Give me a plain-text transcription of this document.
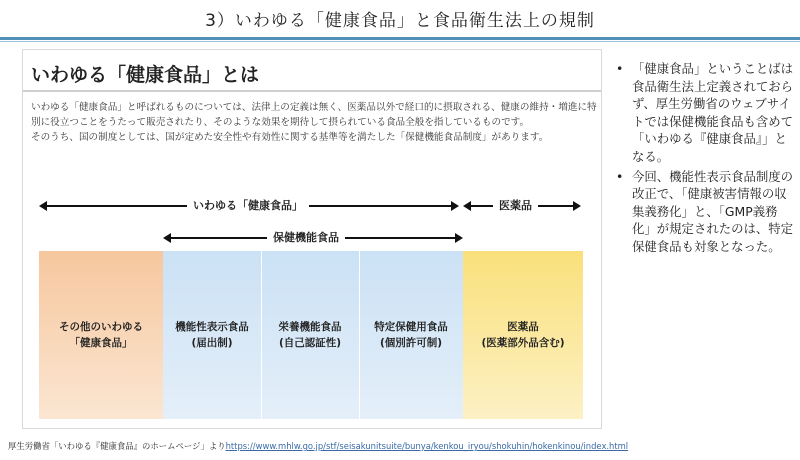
3）いわゆる「健康食品」と食品衛生法上の規制
いわゆる「健康食品」とは
いわゆる「健康食品」と呼ばれるものについては、法律上の定義は無く、医薬品以外で経口的に摂取される、健康の維持・増進に特別に役立つことをうたって販売されたり、そのような効果を期待して摂られている食品全般を指しているものです。
そのうち、国の制度としては、国が定めた安全性や有効性に関する基準等を満たした「保健機能食品制度」があります。
いわゆる「健康食品」	医薬品
保健機能食品
その他のいわゆる
「健康食品」
機能性表示食品
(届出制)
栄養機能食品
(自己認証性)
特定保健用食品
(個別許可制)
医薬品
(医薬部外品含む)
厚生労働省「いわゆる『健康食品』のホームページ」よりhttps://www.mhlw.go.jp/stf/seisakunitsuite/bunya/kenkou_iryou/shokuhin/hokenkinou/index.html
• 「健康食品」ということばは食品衛生法上定義されておらず、厚生労働省のウェブサイトでは保健機能食品も含めて「いわゆる『健康食品』」となる。
• 今回、機能性表示食品制度の改正で、「健康被害情報の収集義務化」と、「GMP義務化」が規定されたのは、特定保健食品も対象となった。
